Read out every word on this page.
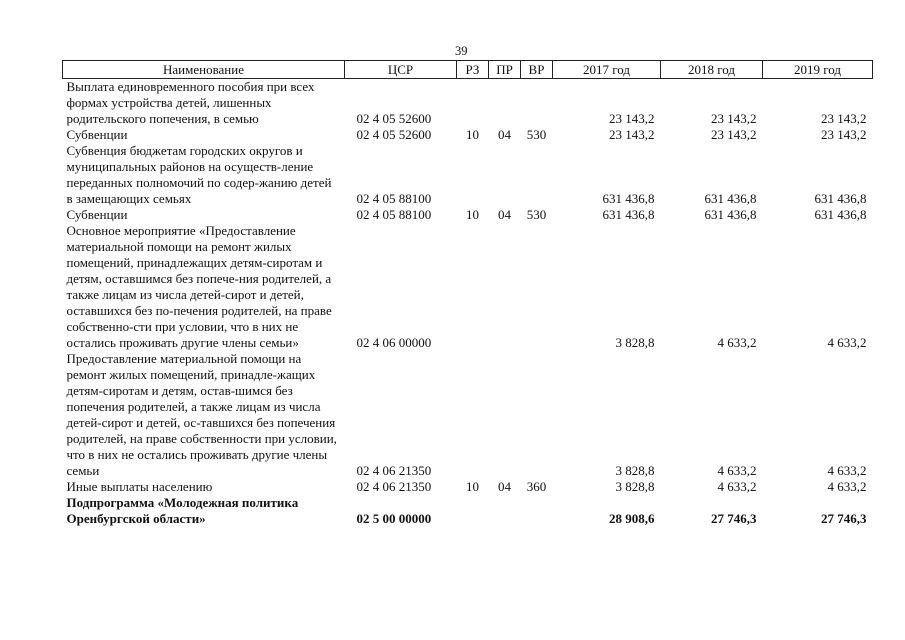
39
Наименование	ЦСР	РЗ	ПР	ВР	2017 год	2018 год	2019 год
Выплата единовременного пособия при всех формах устройства детей, лишенных родительского попечения, в семью	02 4 05 52600				23 143,2	23 143,2	23 143,2
Субвенции	02 4 05 52600	10	04	530	23 143,2	23 143,2	23 143,2
Субвенция бюджетам городских округов и муниципальных районов на осуществ-ление переданных полномочий по содер-жанию детей в замещающих семьях	02 4 05 88100				631 436,8	631 436,8	631 436,8
Субвенции	02 4 05 88100	10	04	530	631 436,8	631 436,8	631 436,8
Основное мероприятие «Предоставление материальной помощи на ремонт жилых помещений, принадлежащих детям-сиротам и детям, оставшимся без попече-ния родителей, а также лицам из числа детей-сирот и детей, оставшихся без по-печения родителей, на праве собственно-сти при условии, что в них не остались проживать другие члены семьи»	02 4 06 00000				3 828,8	4 633,2	4 633,2
Предоставление материальной помощи на ремонт жилых помещений, принадле-жащих детям-сиротам и детям, остав-шимся без попечения родителей, а также лицам из числа детей-сирот и детей, ос-тавшихся без попечения родителей, на праве собственности при условии, что в них не остались проживать другие члены семьи	02 4 06 21350				3 828,8	4 633,2	4 633,2
Иные выплаты населению	02 4 06 21350	10	04	360	3 828,8	4 633,2	4 633,2
Подпрограмма «Молодежная политика Оренбургской области»	02 5 00 00000				28 908,6	27 746,3	27 746,3
